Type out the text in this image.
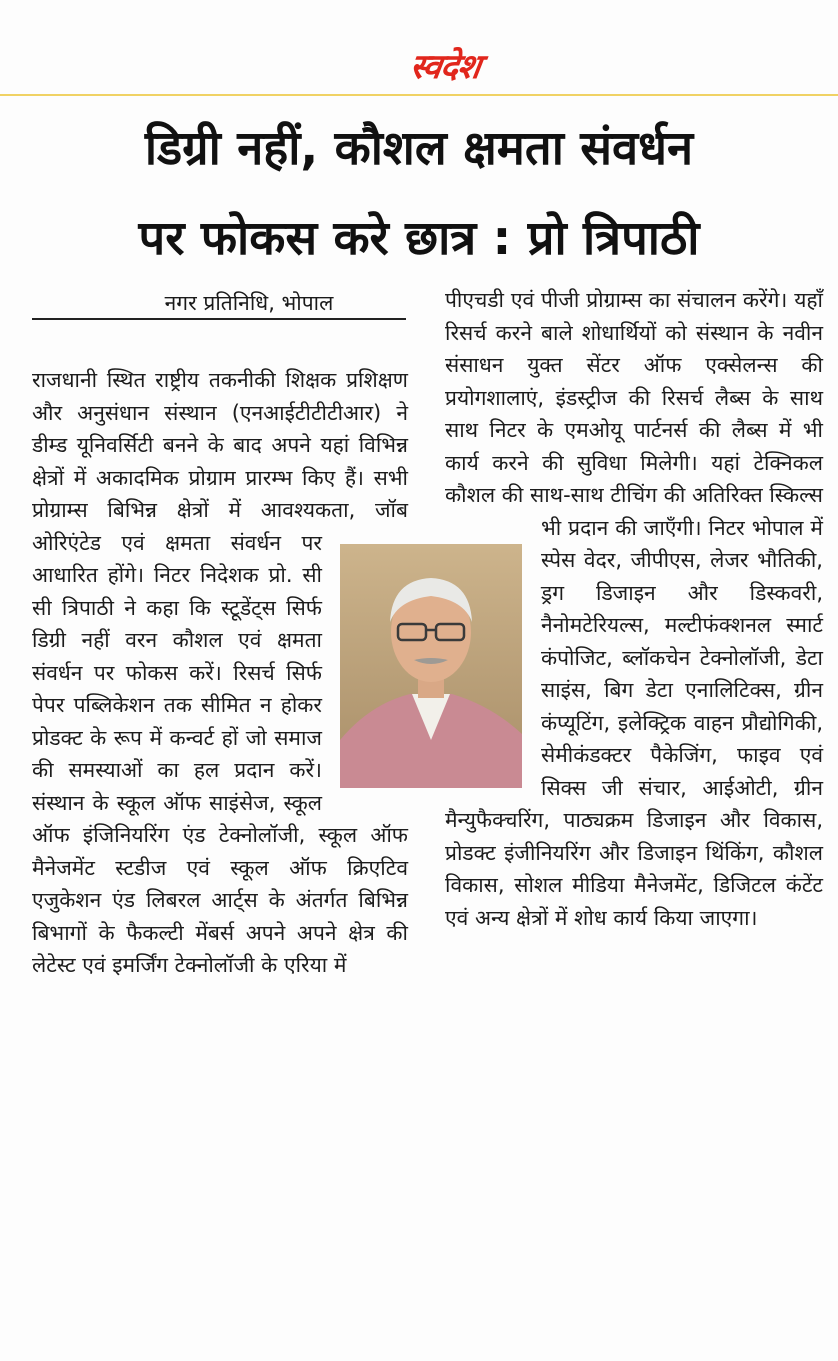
स्वदेश
डिग्री नहीं, कौशल क्षमता संवर्धन
पर फोकस करे छात्र : प्रो त्रिपाठी
नगर प्रतिनिधि, भोपाल
राजधानी स्थित राष्ट्रीय तकनीकी शिक्षक प्रशिक्षण और अनुसंधान संस्थान (एनआईटीटीटीआर) ने डीम्ड यूनिवर्सिटी बनने के बाद अपने यहां विभिन्न क्षेत्रों में अकादमिक प्रोग्राम प्रारम्भ किए हैं। सभी प्रोग्राम्स बिभिन्न क्षेत्रों में आवश्यकता, जॉब ओरिएंटेड एवं क्षमता संवर्धन पर आधारित होंगे। निटर निदेशक प्रो. सी सी त्रिपाठी ने कहा कि स्टूडेंट्स सिर्फ डिग्री नहीं वरन कौशल एवं क्षमता संवर्धन पर फोकस करें। रिसर्च सिर्फ पेपर पब्लिकेशन तक सीमित न होकर प्रोडक्ट के रूप में कन्वर्ट हों जो समाज की समस्याओं का हल प्रदान करें। संस्थान के स्कूल ऑफ साइंसेज, स्कूल ऑफ इंजिनियरिंग एंड टेक्नोलॉजी, स्कूल ऑफ मैनेजमेंट स्टडीज एवं स्कूल ऑफ क्रिएटिव एजुकेशन एंड लिबरल आर्ट्स के अंतर्गत बिभिन्न बिभागों के फैकल्टी मेंबर्स अपने अपने क्षेत्र की लेटेस्ट एवं इमर्जिंग टेक्नोलॉजी के एरिया में
पीएचडी एवं पीजी प्रोग्राम्स का संचालन करेंगे। यहाँ रिसर्च करने बाले शोधार्थियों को संस्थान के नवीन संसाधन युक्त सेंटर ऑफ एक्सेलन्स की प्रयोगशालाएं, इंडस्ट्रीज की रिसर्च लैब्स के साथ साथ निटर के एमओयू पार्टनर्स की लैब्स में भी कार्य करने की सुविधा मिलेगी। यहां टेक्निकल कौशल की साथ-साथ टीचिंग की अतिरिक्त स्किल्स भी प्रदान की जाएँगी। निटर भोपाल में स्पेस वेदर, जीपीएस, लेजर भौतिकी, ड्रग डिजाइन और डिस्कवरी, नैनोमटेरियल्स, मल्टीफंक्शनल स्मार्ट कंपोजिट, ब्लॉकचेन टेक्नोलॉजी, डेटा साइंस, बिग डेटा एनालिटिक्स, ग्रीन कंप्यूटिंग, इलेक्ट्रिक वाहन प्रौद्योगिकी, सेमीकंडक्टर पैकेजिंग, फाइव एवं सिक्स जी संचार, आईओटी, ग्रीन मैन्युफैक्चरिंग, पाठ्यक्रम डिजाइन और विकास, प्रोडक्ट इंजीनियरिंग और डिजाइन थिंकिंग, कौशल विकास, सोशल मीडिया मैनेजमेंट, डिजिटल कंटेंट एवं अन्य क्षेत्रों में शोध कार्य किया जाएगा।
